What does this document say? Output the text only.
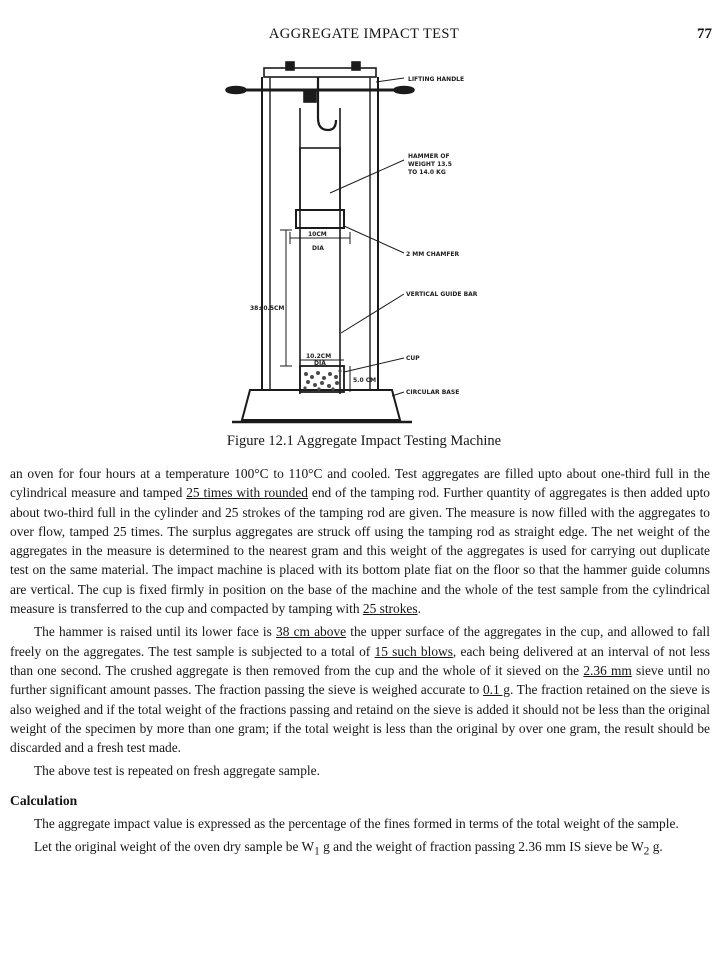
AGGREGATE IMPACT TEST	77
LIFTING HANDLE
HAMMER OF
WEIGHT 13.5
TO 14.0 KG
10CM
DIA
2 MM CHAMFER
VERTICAL GUIDE BAR
38±0.5CM
10.2CM
DIA
5.0 CM
CUP
CIRCULAR BASE
Figure 12.1 Aggregate Impact Testing Machine

an oven for four hours at a temperature 100°C to 110°C and cooled. Test aggregates are filled upto about one-third full in the cylindrical measure and tamped 25 times with rounded end of the tamping rod. Further quantity of aggregates is then added upto about two-third full in the cylinder and 25 strokes of the tamping rod are given. The measure is now filled with the aggregates to over flow, tamped 25 times. The surplus aggregates are struck off using the tamping rod as straight edge. The net weight of the aggregates in the measure is determined to the nearest gram and this weight of the aggregates is used for carrying out duplicate test on the same material. The impact machine is placed with its bottom plate fiat on the floor so that the hammer guide columns are vertical. The cup is fixed firmly in position on the base of the machine and the whole of the test sample from the cylindrical measure is transferred to the cup and compacted by tamping with 25 strokes.

The hammer is raised until its lower face is 38 cm above the upper surface of the aggregates in the cup, and allowed to fall freely on the aggregates. The test sample is subjected to a total of 15 such blows, each being delivered at an interval of not less than one second. The crushed aggregate is then removed from the cup and the whole of it sieved on the 2.36 mm sieve until no further significant amount passes. The fraction passing the sieve is weighed accurate to 0.1 g. The fraction retained on the sieve is also weighed and if the total weight of the fractions passing and retaind on the sieve is added it should not be less than the original weight of the specimen by more than one gram; if the total weight is less than the original by over one gram, the result should be discarded and a fresh test made.

The above test is repeated on fresh aggregate sample.

Calculation

The aggregate impact value is expressed as the percentage of the fines formed in terms of the total weight of the sample.

Let the original weight of the oven dry sample be $W_1$ g and the weight of fraction passing 2.36 mm IS sieve be $W_2$ g.
